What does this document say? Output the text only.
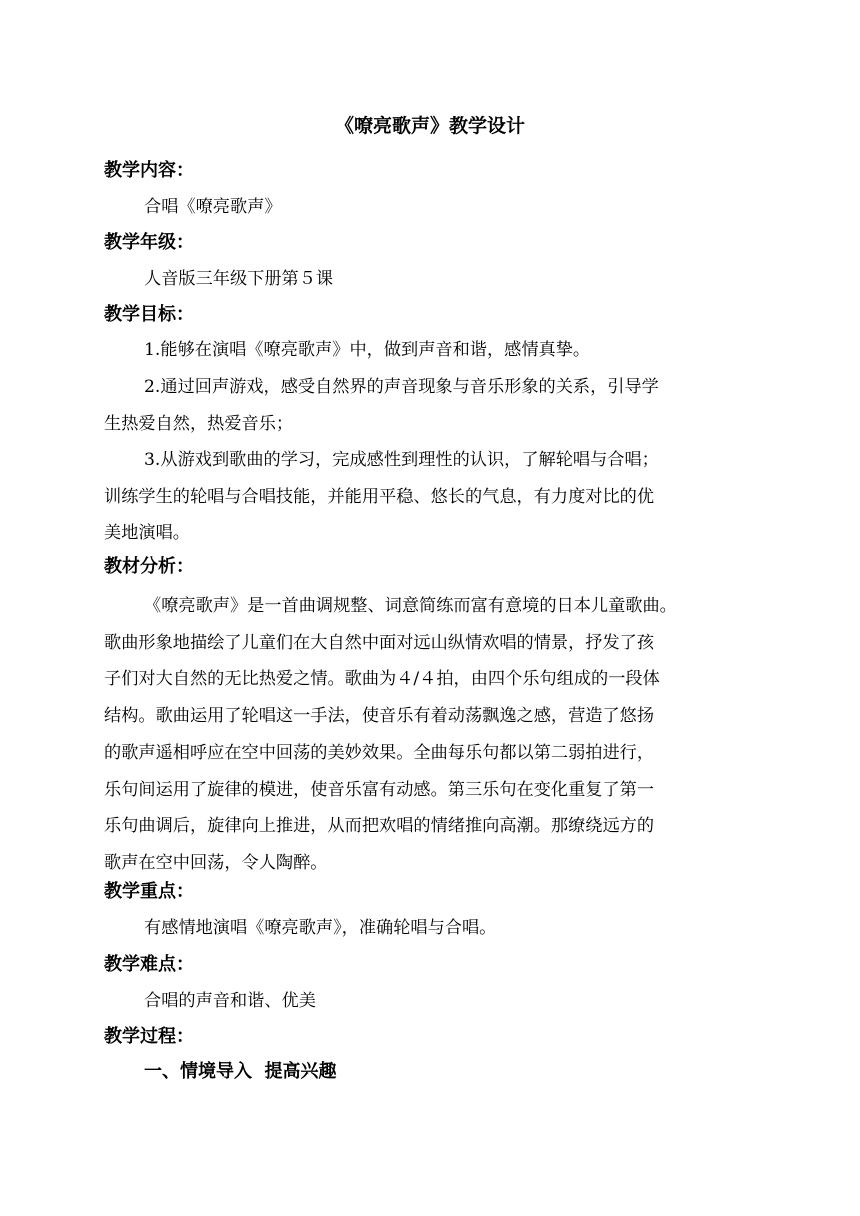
《嘹亮歌声》教学设计
教学内容：
合唱《嘹亮歌声》
教学年级：
人音版三年级下册第５课
教学目标：
1.能够在演唱《嘹亮歌声》中，做到声音和谐，感情真挚。
2.通过回声游戏，感受自然界的声音现象与音乐形象的关系，引导学
生热爱自然，热爱音乐；
3.从游戏到歌曲的学习，完成感性到理性的认识，了解轮唱与合唱；
训练学生的轮唱与合唱技能，并能用平稳、悠长的气息，有力度对比的优
美地演唱。
教材分析：
《嘹亮歌声》是一首曲调规整、词意简练而富有意境的日本儿童歌曲。
歌曲形象地描绘了儿童们在大自然中面对远山纵情欢唱的情景，抒发了孩
子们对大自然的无比热爱之情。歌曲为４/４拍，由四个乐句组成的一段体
结构。歌曲运用了轮唱这一手法，使音乐有着动荡飘逸之感，营造了悠扬
的歌声遥相呼应在空中回荡的美妙效果。全曲每乐句都以第二弱拍进行，
乐句间运用了旋律的模进，使音乐富有动感。第三乐句在变化重复了第一
乐句曲调后，旋律向上推进，从而把欢唱的情绪推向高潮。那缭绕远方的
歌声在空中回荡，令人陶醉。
教学重点：
有感情地演唱《嘹亮歌声》，准确轮唱与合唱。
教学难点：
合唱的声音和谐、优美
教学过程：
一、情境导入  提高兴趣
